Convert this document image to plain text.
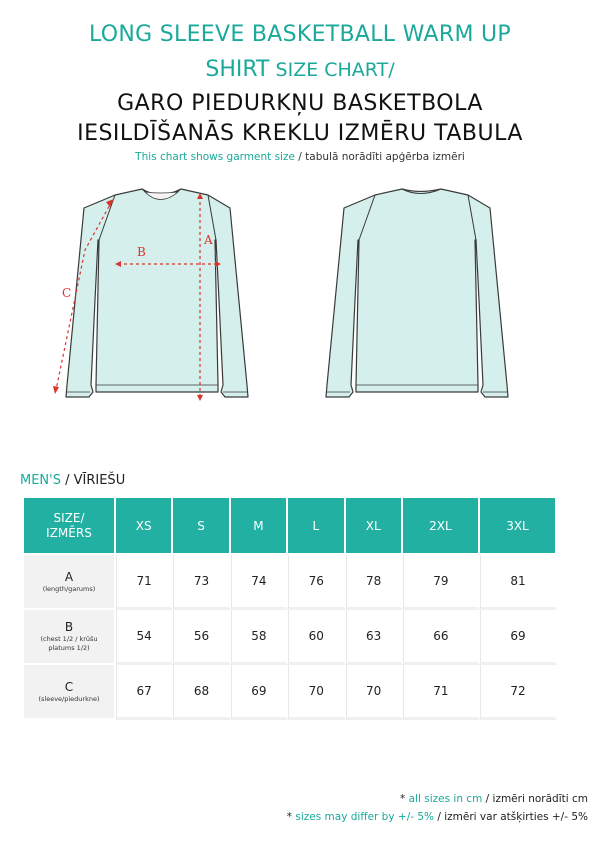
LONG SLEEVE BASKETBALL WARM UP
SHIRT SIZE CHART/
GARO PIEDURKŅU BASKETBOLA
IESILDĪŠANĀS KREKLU IZMĒRU TABULA
This chart shows garment size / tabulā norādīti apģērba izmēri
A
B
C
MEN'S / VĪRIEŠU
SIZE/
IZMĒRS	XS	S	M	L	XL	2XL	3XL

A
(length/garums)	71	73	74	76	78	79	81

B
(chest 1/2 / krūšu platums 1/2)	54	56	58	60	63	66	69

C
(sleeve/piedurkne)	67	68	69	70	70	71	72
* all sizes in cm / izmēri norādīti cm
* sizes may differ by +/- 5% / izmēri var atšķirties +/- 5%
